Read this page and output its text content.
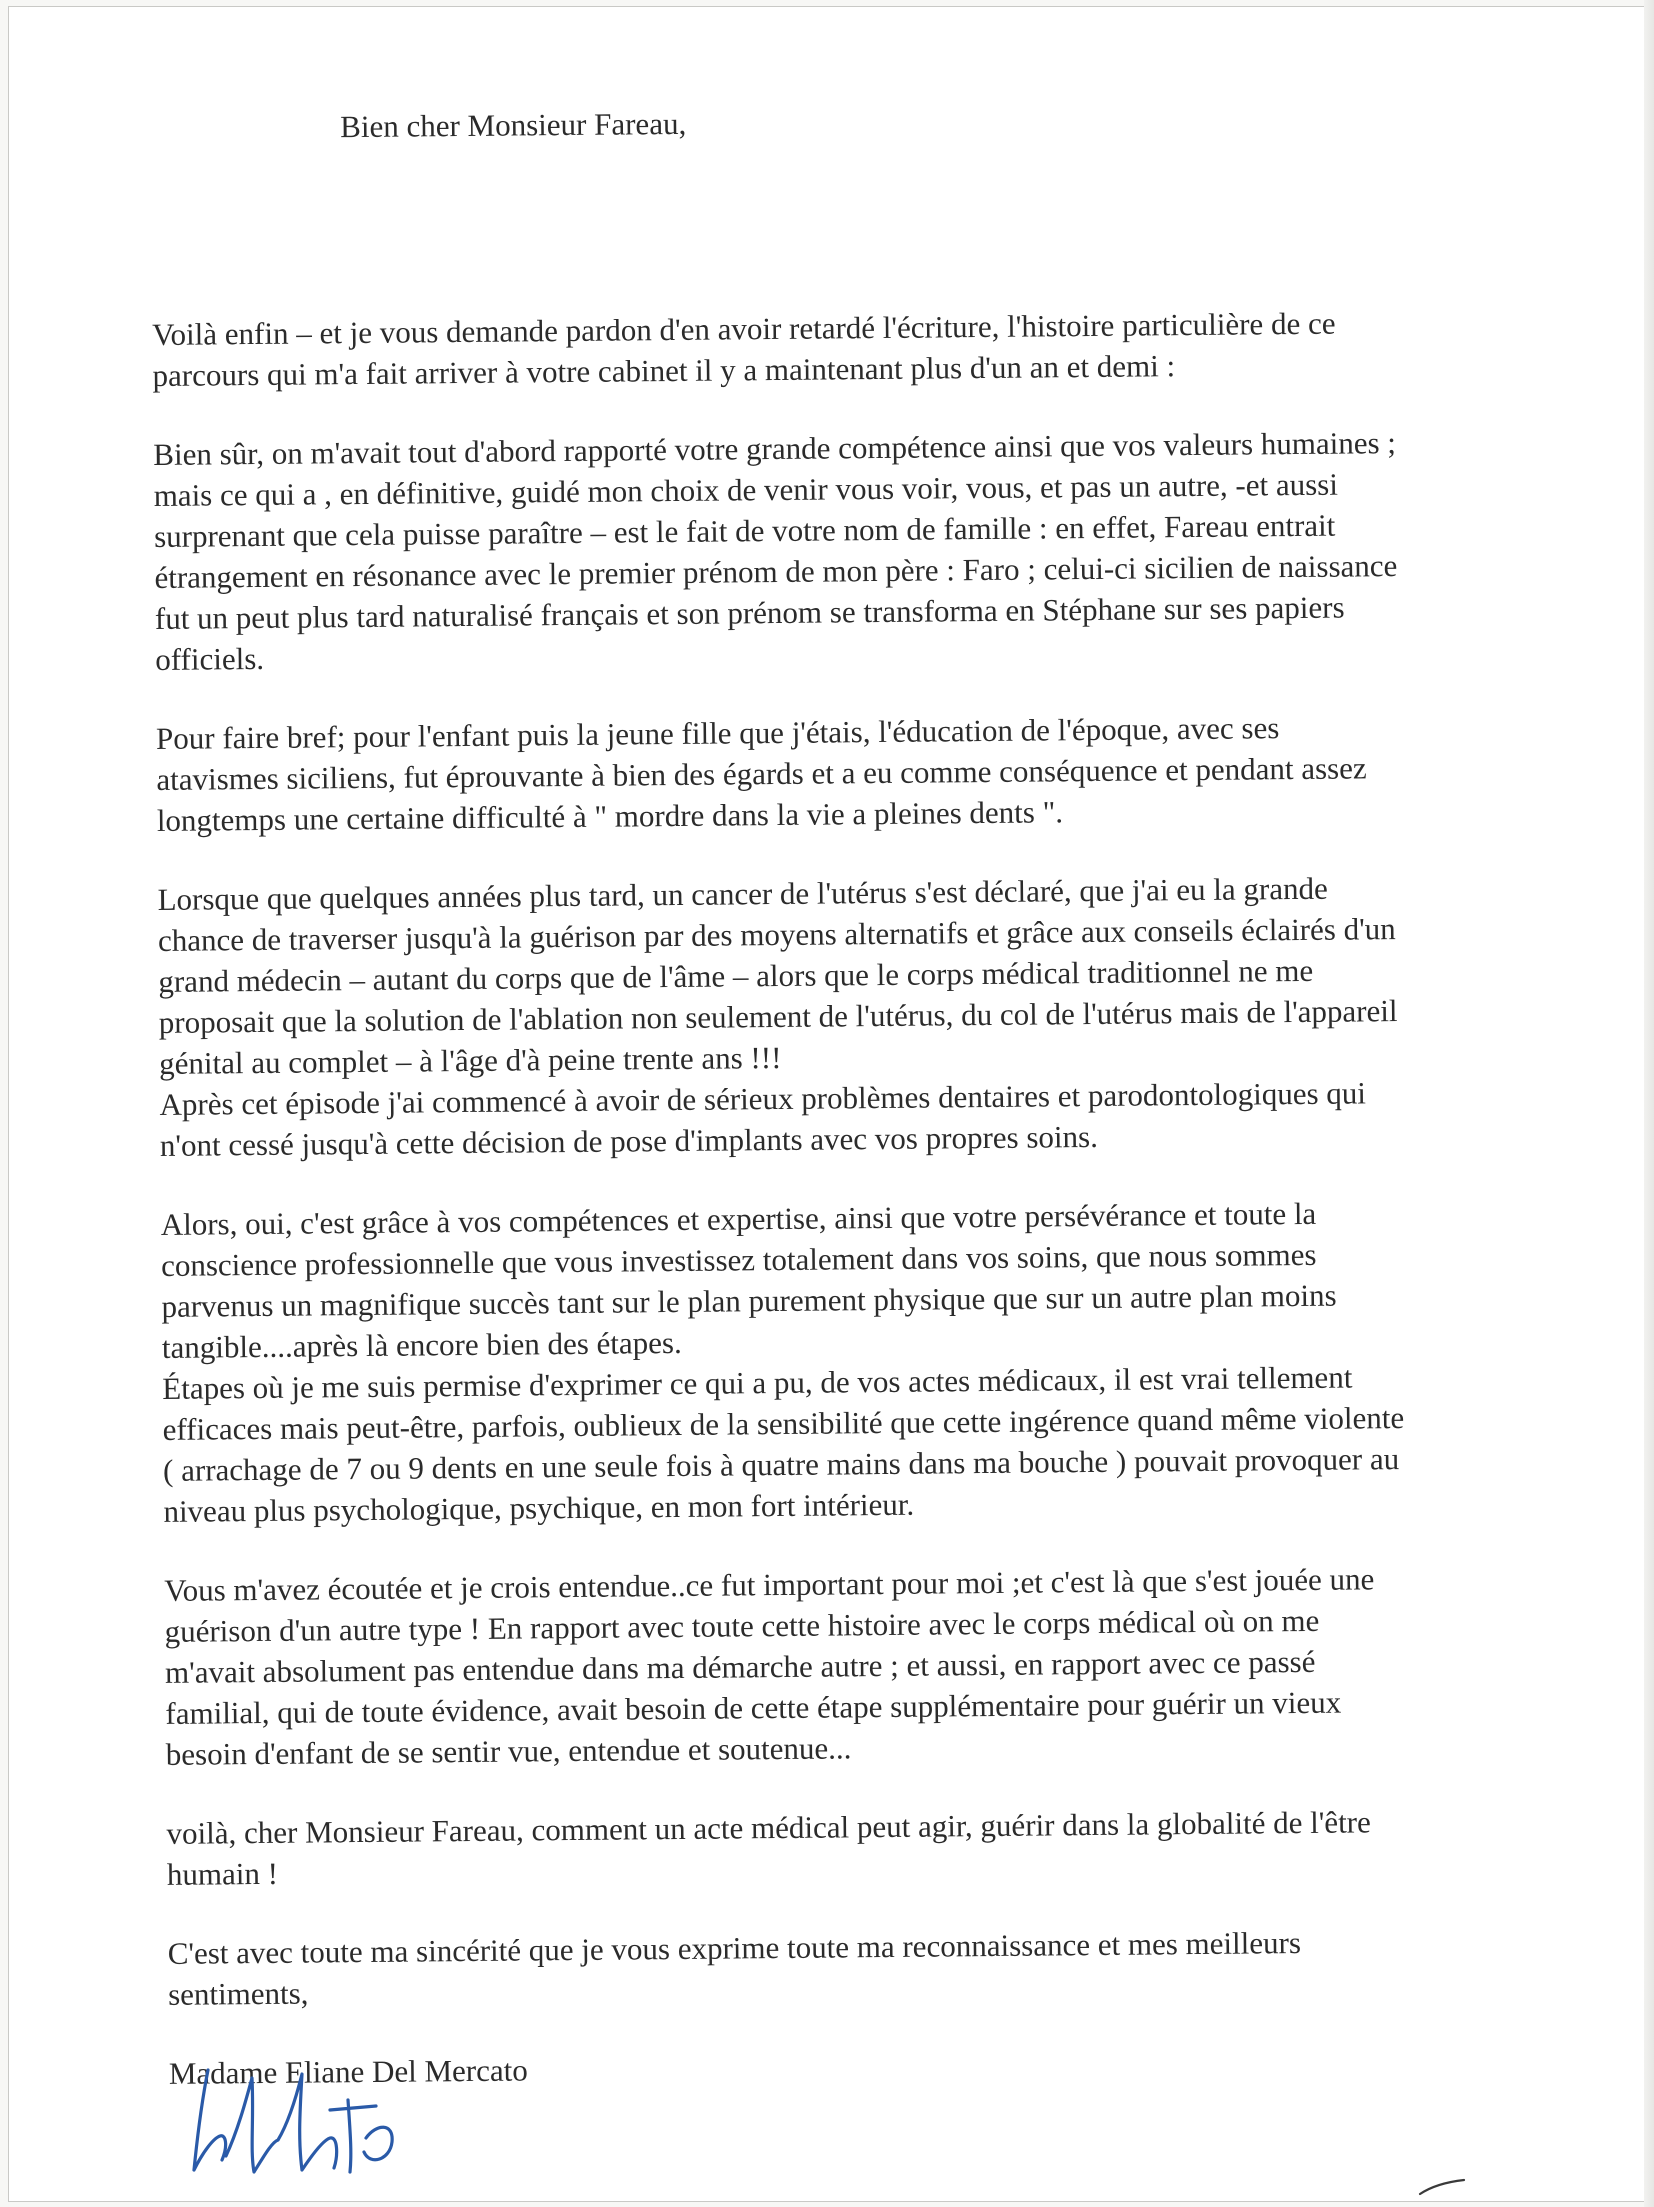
Bien cher Monsieur Fareau,
Voilà enfin – et je vous demande pardon d'en avoir retardé l'écriture, l'histoire particulière de ce
parcours qui m'a fait arriver à votre cabinet il y a maintenant plus d'un an et demi :
Bien sûr, on m'avait tout d'abord rapporté votre grande compétence ainsi que vos valeurs humaines ;
mais ce qui a , en définitive, guidé mon choix de venir vous voir, vous, et pas un autre, -et aussi
surprenant que cela puisse paraître – est le fait de votre nom de famille : en effet, Fareau entrait
étrangement en résonance avec le premier prénom de mon père : Faro ; celui-ci sicilien de naissance
fut un peut plus tard naturalisé français et son prénom se transforma en Stéphane sur ses papiers
officiels.
Pour faire bref; pour l'enfant puis la jeune fille que j'étais, l'éducation de l'époque, avec ses
atavismes siciliens, fut éprouvante à bien des égards et a eu comme conséquence et pendant assez
longtemps une certaine difficulté à " mordre dans la vie a pleines dents ".
Lorsque que quelques années plus tard, un cancer de l'utérus s'est déclaré, que j'ai eu la grande
chance de traverser jusqu'à la guérison par des moyens alternatifs et grâce aux conseils éclairés d'un
grand médecin – autant du corps que de l'âme – alors que le corps médical traditionnel ne me
proposait que la solution de l'ablation non seulement de l'utérus, du col de l'utérus mais de l'appareil
génital au complet – à l'âge d'à peine trente ans !!!
Après cet épisode j'ai commencé à avoir de sérieux problèmes dentaires et parodontologiques qui
n'ont cessé jusqu'à cette décision de pose d'implants avec vos propres soins.
Alors, oui, c'est grâce à vos compétences et expertise, ainsi que votre persévérance et toute la
conscience professionnelle que vous investissez totalement dans vos soins, que nous sommes
parvenus un magnifique succès tant sur le plan purement physique que sur un autre plan moins
tangible....après là encore bien des étapes.
Étapes où je me suis permise d'exprimer ce qui a pu, de vos actes médicaux, il est vrai tellement
efficaces mais peut-être, parfois, oublieux de la sensibilité que cette ingérence quand même violente
( arrachage de 7 ou 9 dents en une seule fois à quatre mains dans ma bouche ) pouvait provoquer au
niveau plus psychologique, psychique, en mon fort intérieur.
Vous m'avez écoutée et je crois entendue..ce fut important pour moi ;et c'est là que s'est jouée une
guérison d'un autre type ! En rapport avec toute cette histoire avec le corps médical où on me
m'avait absolument pas entendue dans ma démarche autre ; et aussi, en rapport avec ce passé
familial, qui de toute évidence, avait besoin de cette étape supplémentaire pour guérir un vieux
besoin d'enfant de se sentir vue, entendue et soutenue...
voilà, cher Monsieur Fareau, comment un acte médical peut agir, guérir dans la globalité de l'être
humain !
C'est avec toute ma sincérité que je vous exprime toute ma reconnaissance et mes meilleurs
sentiments,
Madame Eliane Del Mercato
